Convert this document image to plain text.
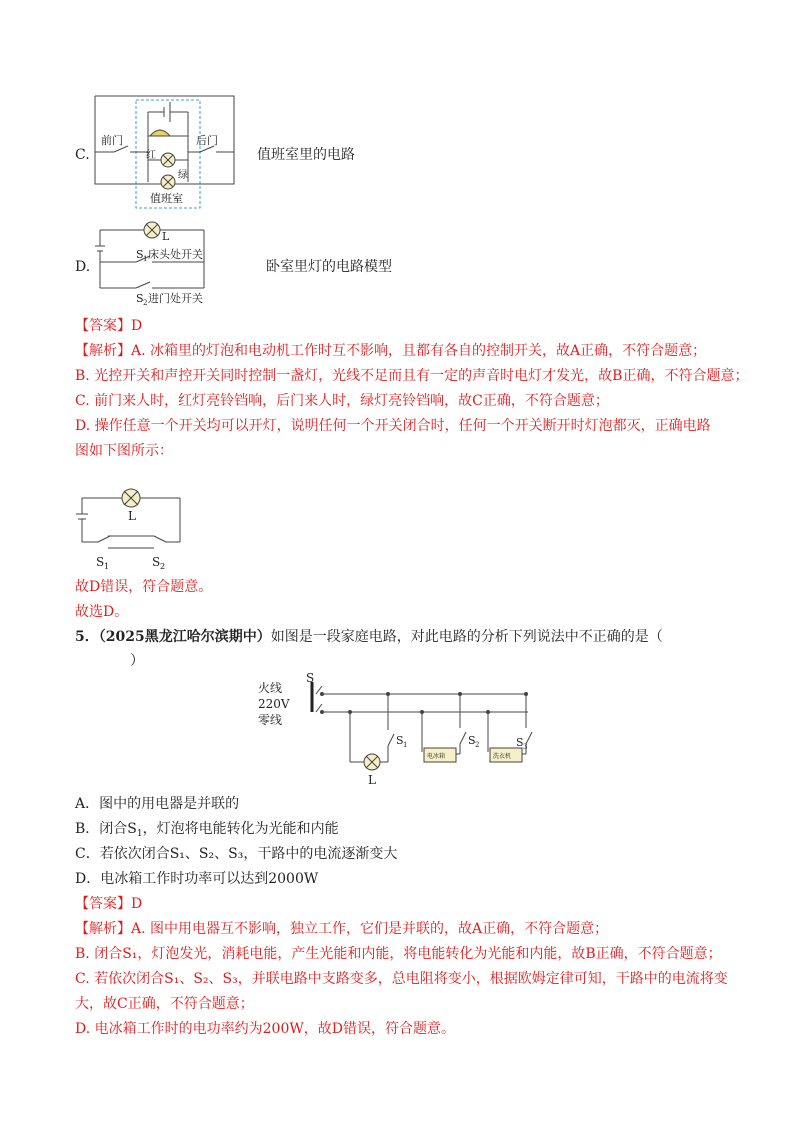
C.
前门	后门
红
绿
值班室
值班室里的电路
D.
L
S 1 床头处开关
S 2 进门处开关
卧室里灯的电路模型
【答案】D
【解析】A. 冰箱里的灯泡和电动机工作时互不影响，且都有各自的控制开关，故A正确，不符合题意；
B. 光控开关和声控开关同时控制一盏灯，光线不足而且有一定的声音时电灯才发光，故B正确，不符合题意；
C. 前门来人时，红灯亮铃铛响，后门来人时，绿灯亮铃铛响，故C正确，不符合题意；
D. 操作任意一个开关均可以开灯，说明任何一个开关闭合时，任何一个开关断开时灯泡都灭，正确电路
图如下图所示：
L
S 1	S 2
故D错误，符合题意。
故选D。
5．（2025黑龙江哈尔滨期中）如图是一段家庭电路，对此电路的分析下列说法中不正确的是（
）
火线
220V
零线
S
L
S 1	S 2	S 3
电冰箱	洗衣机
A．图中的用电器是并联的
B．闭合$S_1$，灯泡将电能转化为光能和内能
C．若依次闭合S₁、S₂、S₃，干路中的电流逐渐变大
D．电冰箱工作时功率可以达到2000W
【答案】D
【解析】A. 图中用电器互不影响，独立工作，它们是并联的，故A正确，不符合题意；
B. 闭合S₁，灯泡发光，消耗电能，产生光能和内能，将电能转化为光能和内能，故B正确，不符合题意；
C. 若依次闭合S₁、S₂、S₃，并联电路中支路变多，总电阻将变小，根据欧姆定律可知，干路中的电流将变
大，故C正确，不符合题意；
D. 电冰箱工作时的电功率约为200W，故D错误，符合题意。
